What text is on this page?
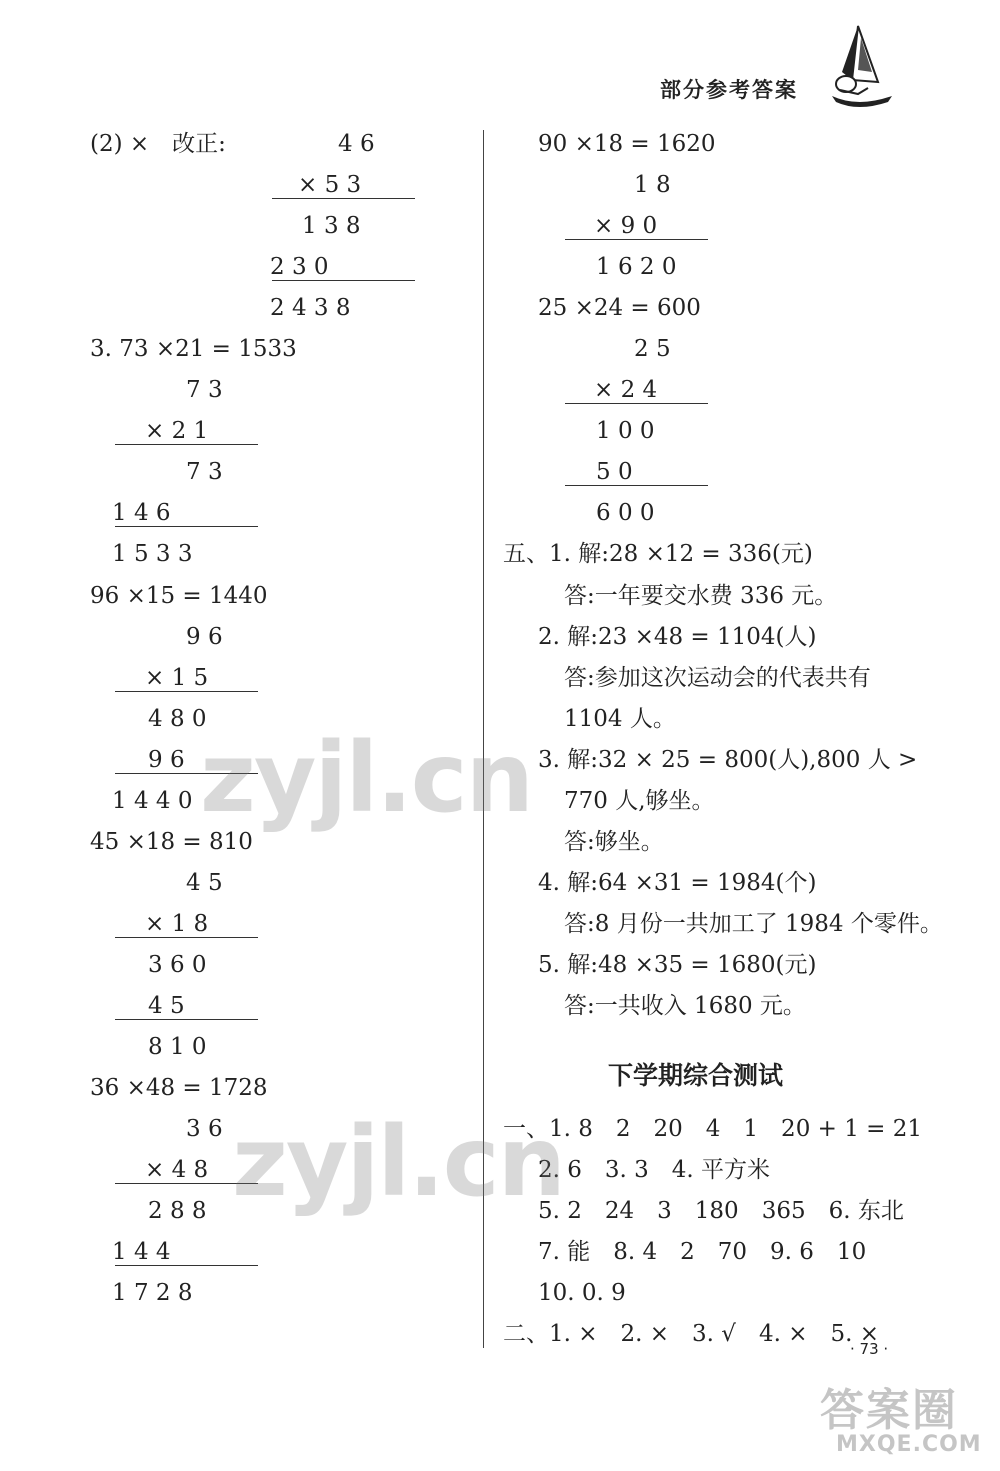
部分参考答案
(2) ×　改正:	4 6
× 5 3
1 3 8
2 3 0
2 4 3 8
3. 73 ×21 = 1533
7 3
× 2 1
7 3
1 4 6
1 5 3 3
96 ×15 = 1440
9 6
× 1 5
4 8 0
9 6
1 4 4 0
45 ×18 = 810
4 5
× 1 8
3 6 0
4 5
8 1 0
36 ×48 = 1728
3 6
× 4 8
2 8 8
1 4 4
1 7 2 8
90 ×18 = 1620
1 8
× 9 0
1 6 2 0
25 ×24 = 600
2 5
× 2 4
1 0 0
5 0
6 0 0
五、1. 解:28 ×12 = 336(元)
答:一年要交水费 336 元。
2. 解:23 ×48 = 1104(人)
答:参加这次运动会的代表共有
1104 人。
3. 解:32 × 25 = 800(人),800 人 >
770 人,够坐。
答:够坐。
4. 解:64 ×31 = 1984(个)
答:8 月份一共加工了 1984 个零件。
5. 解:48 ×35 = 1680(元)
答:一共收入 1680 元。
下学期综合测试
一、1. 8　2　20　4　1　20 + 1 = 21
2. 6　3. 3　4. 平方米
5. 2　24　3　180　365　6. 东北
7. 能　8. 4　2　70　9. 6　10
10. 0. 9
二、1. ×　2. ×　3. √　4. ×　5. ×
zyjl.cn
zyjl.cn
· 73 ·
答案圈
MXQE.COM
